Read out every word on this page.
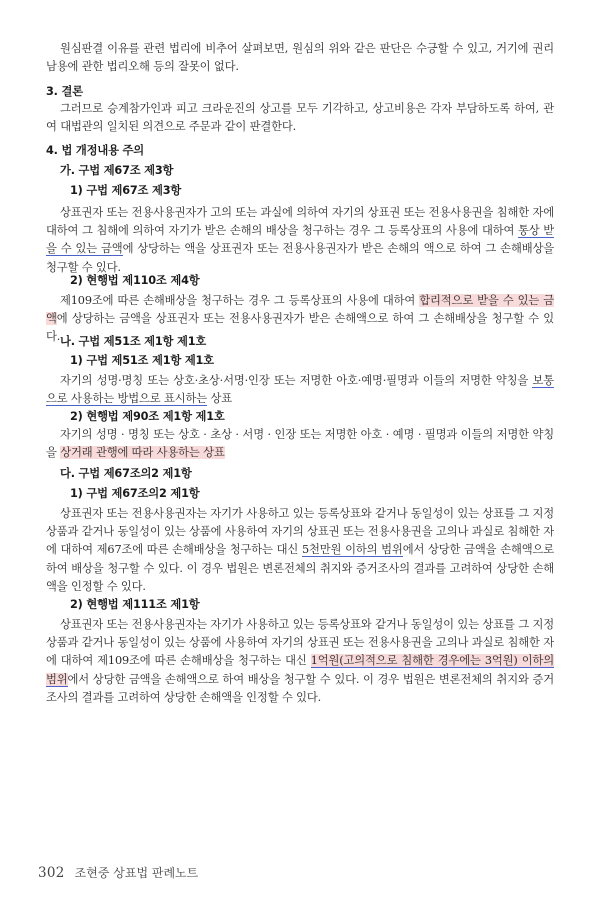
원심판결 이유를 관련 법리에 비추어 살펴보면, 원심의 위와 같은 판단은 수긍할 수 있고, 거기에 권리남용에 관한 법리오해 등의 잘못이 없다.
3. 결론
그러므로 승계참가인과 피고 크라운진의 상고를 모두 기각하고, 상고비용은 각자 부담하도록 하여, 관여 대법관의 일치된 의견으로 주문과 같이 판결한다.
4. 법 개정내용 주의
가. 구법 제67조 제3항
1) 구법 제67조 제3항
상표권자 또는 전용사용권자가 고의 또는 과실에 의하여 자기의 상표권 또는 전용사용권을 침해한 자에 대하여 그 침해에 의하여 자기가 받은 손해의 배상을 청구하는 경우 그 등록상표의 사용에 대하여 통상 받을 수 있는 금액에 상당하는 액을 상표권자 또는 전용사용권자가 받은 손해의 액으로 하여 그 손해배상을 청구할 수 있다.
2) 현행법 제110조 제4항
제109조에 따른 손해배상을 청구하는 경우 그 등록상표의 사용에 대하여 합리적으로 받을 수 있는 금액에 상당하는 금액을 상표권자 또는 전용사용권자가 받은 손해액으로 하여 그 손해배상을 청구할 수 있다. 나. 구법 제51조 제1항 제1호
1) 구법 제51조 제1항 제1호
자기의 성명·명칭 또는 상호·초상·서명·인장 또는 저명한 아호·예명·필명과 이들의 저명한 약칭을 보통으로 사용하는 방법으로 표시하는 상표
2) 현행법 제90조 제1항 제1호
자기의 성명 · 명칭 또는 상호 · 초상 · 서명 · 인장 또는 저명한 아호 · 예명 · 필명과 이들의 저명한 약칭을 상거래 관행에 따라 사용하는 상표
다. 구법 제67조의2 제1항
1) 구법 제67조의2 제1항
상표권자 또는 전용사용권자는 자기가 사용하고 있는 등록상표와 같거나 동일성이 있는 상표를 그 지정상품과 같거나 동일성이 있는 상품에 사용하여 자기의 상표권 또는 전용사용권을 고의나 과실로 침해한 자에 대하여 제67조에 따른 손해배상을 청구하는 대신 5천만원 이하의 범위에서 상당한 금액을 손해액으로 하여 배상을 청구할 수 있다. 이 경우 법원은 변론전체의 취지와 증거조사의 결과를 고려하여 상당한 손해액을 인정할 수 있다.
2) 현행법 제111조 제1항
상표권자 또는 전용사용권자는 자기가 사용하고 있는 등록상표와 같거나 동일성이 있는 상표를 그 지정상품과 같거나 동일성이 있는 상품에 사용하여 자기의 상표권 또는 전용사용권을 고의나 과실로 침해한 자에 대하여 제109조에 따른 손해배상을 청구하는 대신 1억원(고의적으로 침해한 경우에는 3억원) 이하의 범위에서 상당한 금액을 손해액으로 하여 배상을 청구할 수 있다. 이 경우 법원은 변론전체의 취지와 증거조사의 결과를 고려하여 상당한 손해액을 인정할 수 있다.
302 조현중 상표법 판례노트
